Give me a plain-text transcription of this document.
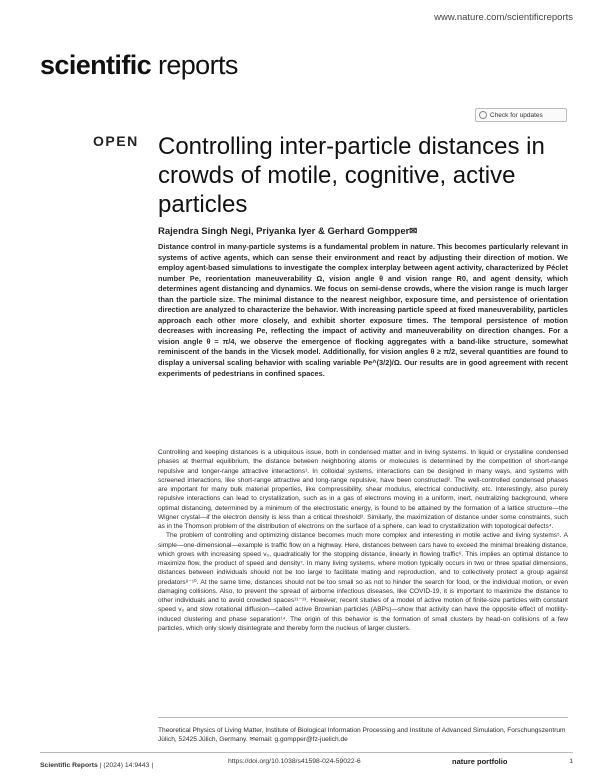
www.nature.com/scientificreports
scientific reports
Check for updates
OPEN Controlling inter-particle distances in crowds of motile, cognitive, active particles
Rajendra Singh Negi, Priyanka Iyer & Gerhard Gompper✉
Distance control in many-particle systems is a fundamental problem in nature. This becomes particularly relevant in systems of active agents, which can sense their environment and react by adjusting their direction of motion. We employ agent-based simulations to investigate the complex interplay between agent activity, characterized by Péclet number Pe, reorientation maneuverability Ω, vision angle θ and vision range R0, and agent density, which determines agent distancing and dynamics. We focus on semi-dense crowds, where the vision range is much larger than the particle size. The minimal distance to the nearest neighbor, exposure time, and persistence of orientation direction are analyzed to characterize the behavior. With increasing particle speed at fixed maneuverability, particles approach each other more closely, and exhibit shorter exposure times. The temporal persistence of motion decreases with increasing Pe, reflecting the impact of activity and maneuverability on direction changes. For a vision angle θ = π/4, we observe the emergence of flocking aggregates with a band-like structure, somewhat reminiscent of the bands in the Vicsek model. Additionally, for vision angles θ ≥ π/2, several quantities are found to display a universal scaling behavior with scaling variable Pe^(3/2)/Ω. Our results are in good agreement with recent experiments of pedestrians in confined spaces.

Controlling and keeping distances is a ubiquitous issue, both in condensed matter and in living systems. In liquid or crystalline condensed phases at thermal equilibrium, the distance between neighboring atoms or molecules is determined by the competition of short-range repulsive and longer-range attractive interactions¹. In colloidal systems, interactions can be designed in many ways, and systems with screened interactions, like short-range attractive and long-range repulsive, have been constructed². The well-controlled condensed phases are important for many bulk material properties, like compressibility, shear modulus, electrical conductivity, etc. Interestingly, also purely repulsive interactions can lead to crystallization, such as in a gas of electrons moving in a uniform, inert, neutralizing background, where optimal distancing, determined by a minimum of the electrostatic energy, is found to be attained by the formation of a lattice structure—the Wigner crystal—if the electron density is less than a critical threshold³. Similarly, the maximization of distance under some constraints, such as in the Thomson problem of the distribution of electrons on the surface of a sphere, can lead to crystallization with topological defects⁴.

The problem of controlling and optimizing distance becomes much more complex and interesting in motile active and living systems⁵. A simple—one-dimensional—example is traffic flow on a highway. Here, distances between cars have to exceed the minimal breaking distance, which grows with increasing speed v₀, quadratically for the stopping distance, linearly in flowing traffic⁶. This implies an optimal distance to maximize flow, the product of speed and density⁷. In many living systems, where motion typically occurs in two or three spatial dimensions, distances between individuals should not be too large to facilitate mating and reproduction, and to collectively protect a group against predators⁸⁻¹⁰. At the same time, distances should not be too small so as not to hinder the search for food, or the individual motion, or even damaging collisions. Also, to prevent the spread of airborne infectious diseases, like COVID-19, it is important to maximize the distance to other individuals and to avoid crowded spaces¹¹⁻¹³. However, recent studies of a model of active motion of finite-size particles with constant speed v₀ and slow rotational diffusion—called active Brownian particles (ABPs)—show that activity can have the opposite effect of motility-induced clustering and phase separation¹⁴. The origin of this behavior is the formation of small clusters by head-on collisions of a few particles, which only slowly disintegrate and thereby form the nucleus of larger clusters.

Theoretical Physics of Living Matter, Institute of Biological Information Processing and Institute of Advanced Simulation, Forschungszentrum Jülich, 52425 Jülich, Germany. ✉email: g.gompper@fz-juelich.de
Scientific Reports | (2024) 14:9443 |	https://doi.org/10.1038/s41598-024-59022-6	nature portfolio	1
